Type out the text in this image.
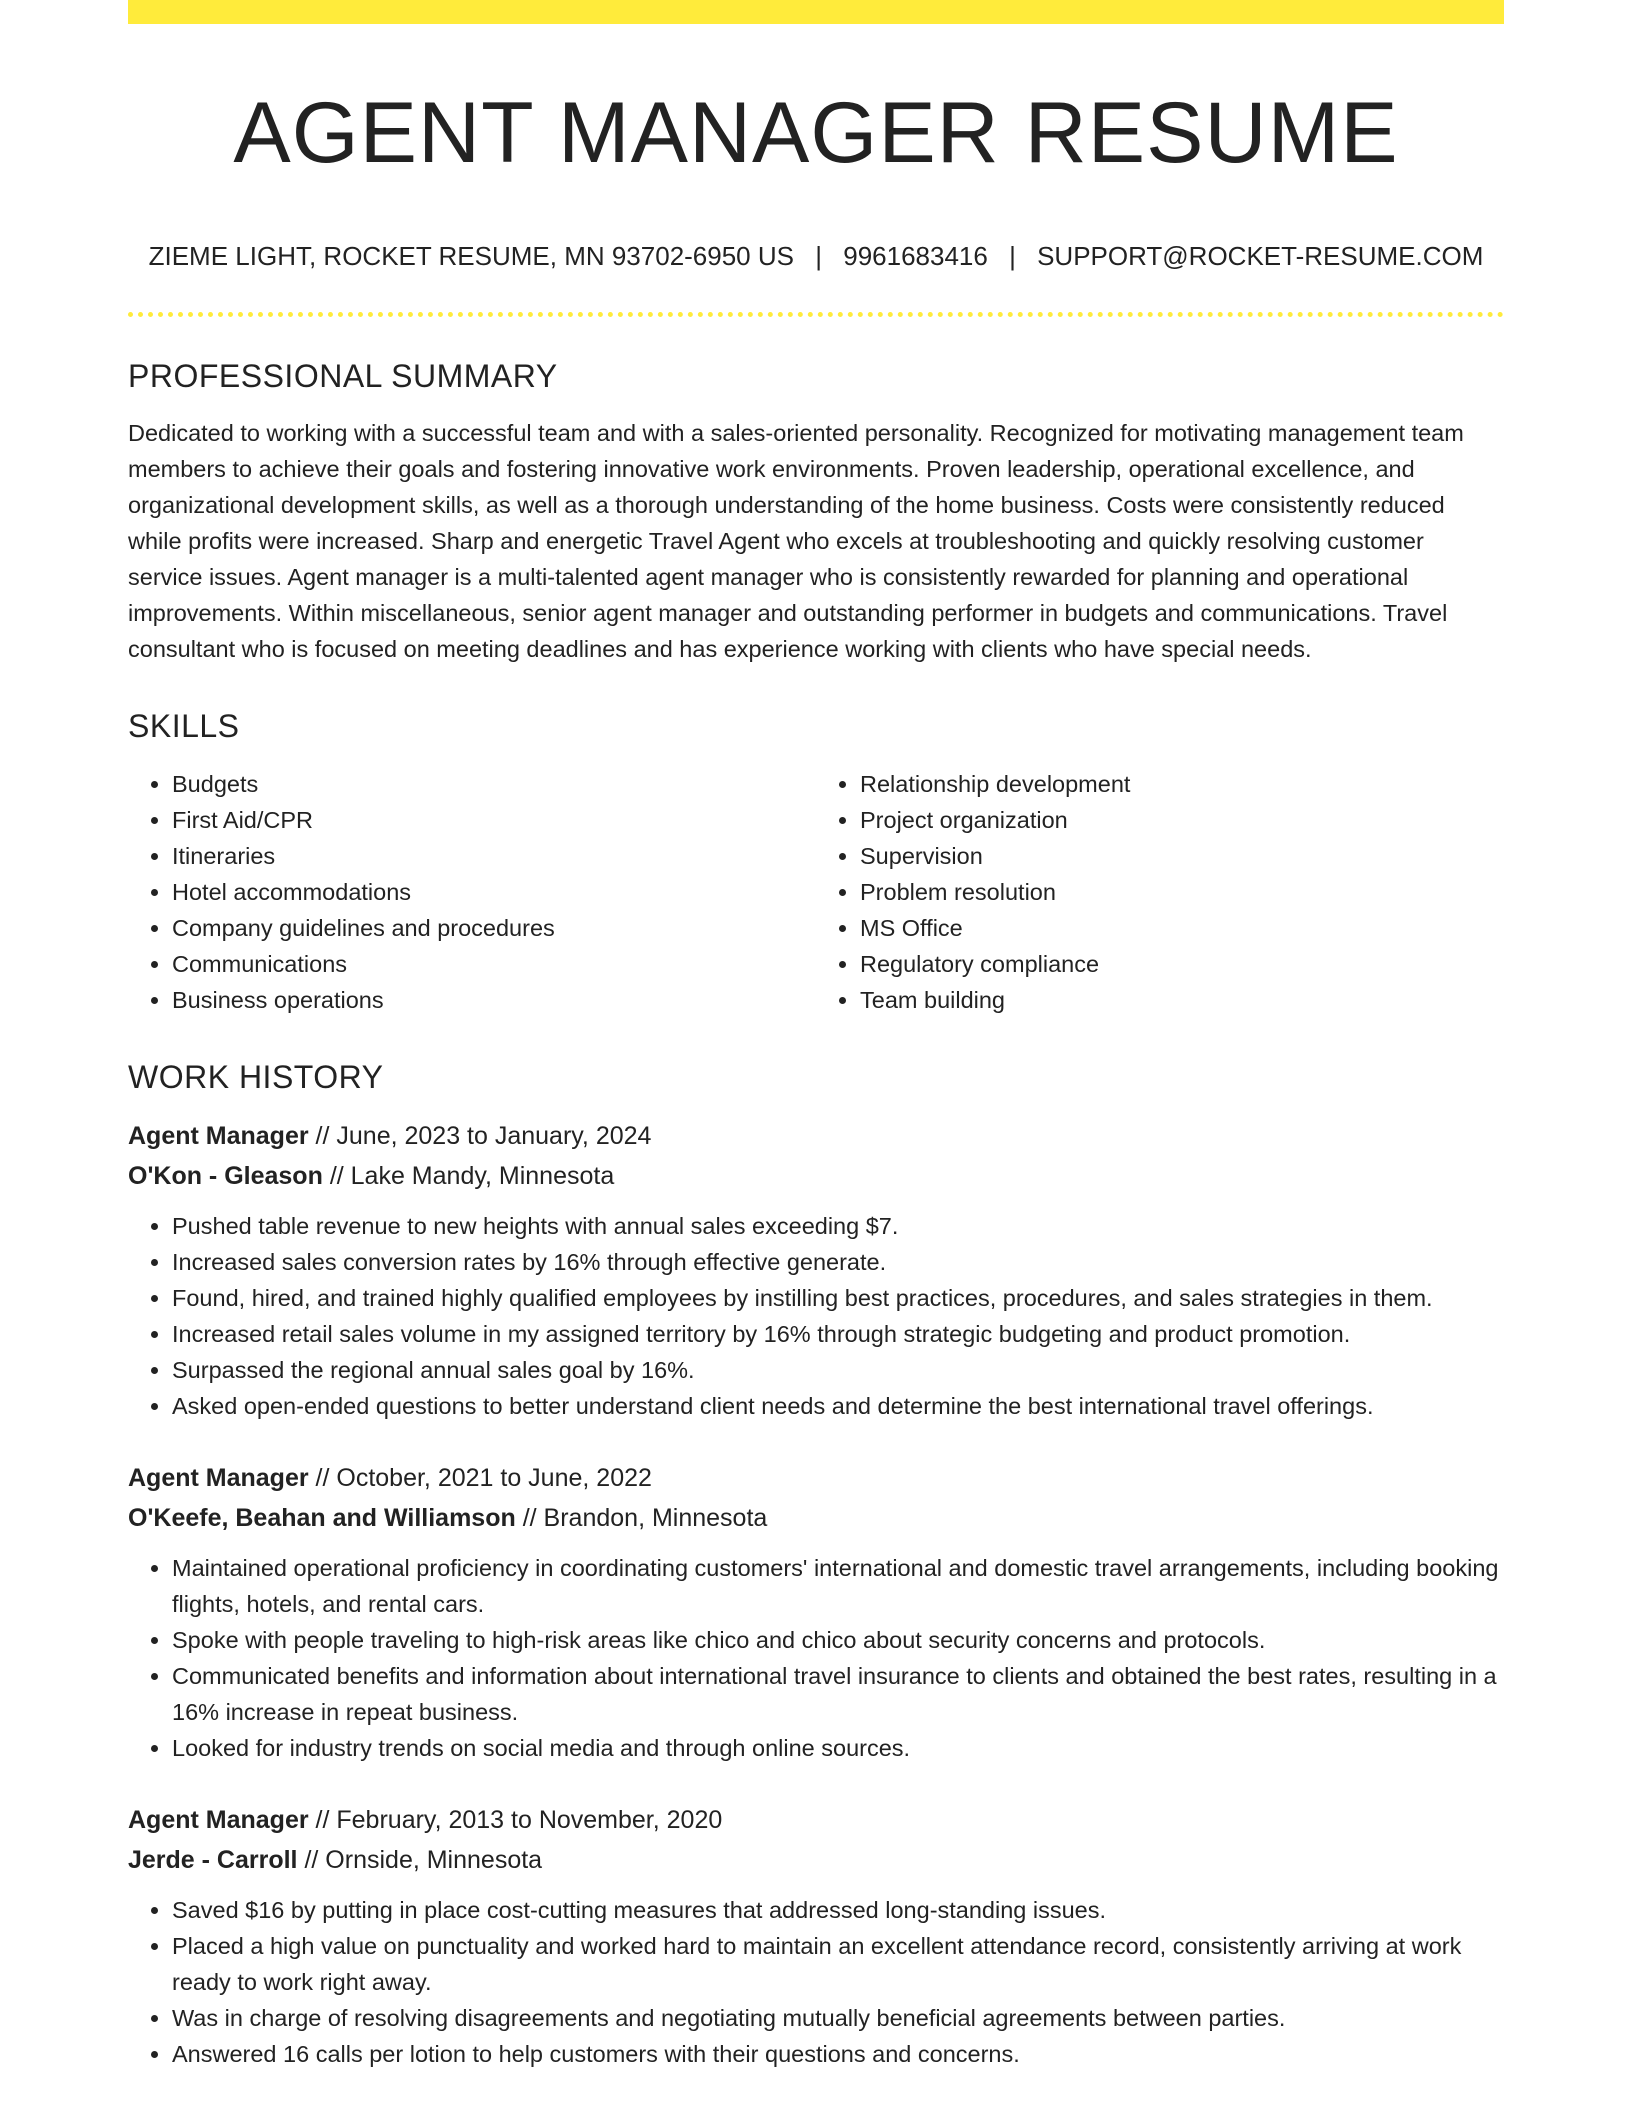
AGENT MANAGER RESUME
ZIEME LIGHT, ROCKET RESUME, MN 93702-6950 US | 9961683416 | SUPPORT@ROCKET-RESUME.COM
PROFESSIONAL SUMMARY

Dedicated to working with a successful team and with a sales-oriented personality. Recognized for motivating management team members to achieve their goals and fostering innovative work environments. Proven leadership, operational excellence, and organizational development skills, as well as a thorough understanding of the home business. Costs were consistently reduced while profits were increased. Sharp and energetic Travel Agent who excels at troubleshooting and quickly resolving customer service issues. Agent manager is a multi-talented agent manager who is consistently rewarded for planning and operational improvements. Within miscellaneous, senior agent manager and outstanding performer in budgets and communications. Travel consultant who is focused on meeting deadlines and has experience working with clients who have special needs.

SKILLS
• Budgets
• First Aid/CPR
• Itineraries
• Hotel accommodations
• Company guidelines and procedures
• Communications
• Business operations
• Relationship development
• Project organization
• Supervision
• Problem resolution
• MS Office
• Regulatory compliance
• Team building
WORK HISTORY
Agent Manager // June, 2023 to January, 2024
O'Kon - Gleason // Lake Mandy, Minnesota
• Pushed table revenue to new heights with annual sales exceeding $7.
• Increased sales conversion rates by 16% through effective generate.
• Found, hired, and trained highly qualified employees by instilling best practices, procedures, and sales strategies in them.
• Increased retail sales volume in my assigned territory by 16% through strategic budgeting and product promotion.
• Surpassed the regional annual sales goal by 16%.
• Asked open-ended questions to better understand client needs and determine the best international travel offerings.
Agent Manager // October, 2021 to June, 2022
O'Keefe, Beahan and Williamson // Brandon, Minnesota
• Maintained operational proficiency in coordinating customers' international and domestic travel arrangements, including booking flights, hotels, and rental cars.
• Spoke with people traveling to high-risk areas like chico and chico about security concerns and protocols.
• Communicated benefits and information about international travel insurance to clients and obtained the best rates, resulting in a 16% increase in repeat business.
• Looked for industry trends on social media and through online sources.
Agent Manager // February, 2013 to November, 2020
Jerde - Carroll // Ornside, Minnesota
• Saved $16 by putting in place cost-cutting measures that addressed long-standing issues.
• Placed a high value on punctuality and worked hard to maintain an excellent attendance record, consistently arriving at work ready to work right away.
• Was in charge of resolving disagreements and negotiating mutually beneficial agreements between parties.
• Answered 16 calls per lotion to help customers with their questions and concerns.
